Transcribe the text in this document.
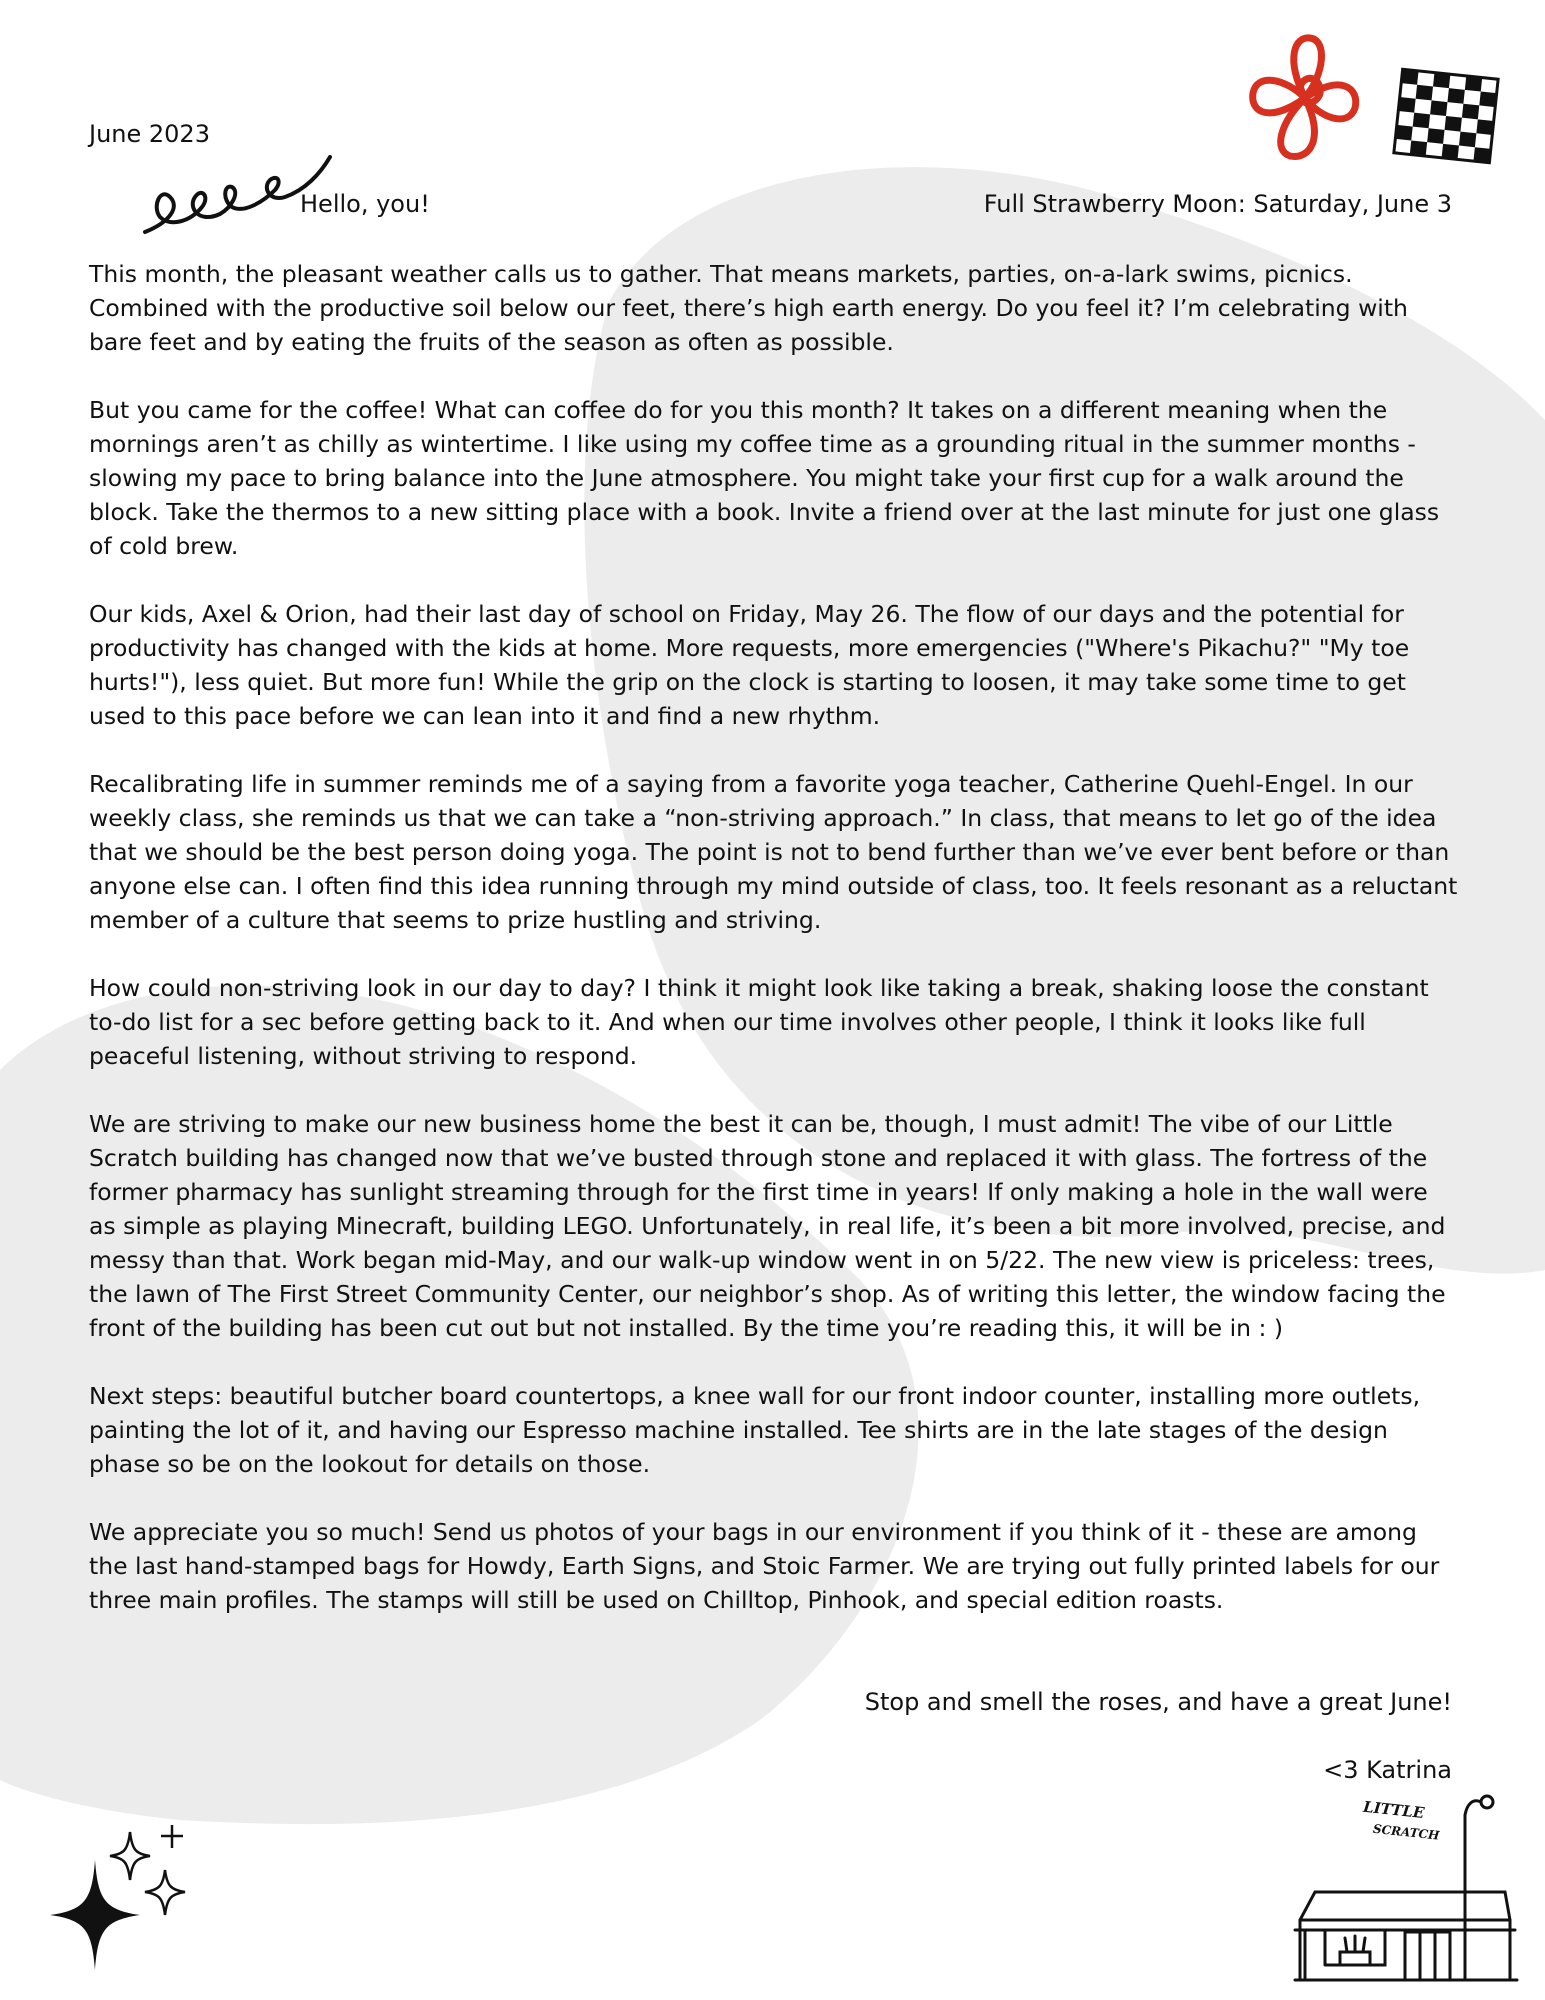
June 2023
Hello, you!	Full Strawberry Moon: Saturday, June 3

This month, the pleasant weather calls us to gather. That means markets, parties, on-a-lark swims, picnics. Combined with the productive soil below our feet, there’s high earth energy. Do you feel it? I’m celebrating with bare feet and by eating the fruits of the season as often as possible.

But you came for the coffee! What can coffee do for you this month? It takes on a different meaning when the mornings aren’t as chilly as wintertime. I like using my coffee time as a grounding ritual in the summer months - slowing my pace to bring balance into the June atmosphere. You might take your first cup for a walk around the block. Take the thermos to a new sitting place with a book. Invite a friend over at the last minute for just one glass of cold brew.

Our kids, Axel & Orion, had their last day of school on Friday, May 26. The flow of our days and the potential for productivity has changed with the kids at home. More requests, more emergencies ("Where's Pikachu?" "My toe hurts!"), less quiet. But more fun! While the grip on the clock is starting to loosen, it may take some time to get used to this pace before we can lean into it and find a new rhythm.

Recalibrating life in summer reminds me of a saying from a favorite yoga teacher, Catherine Quehl-Engel. In our weekly class, she reminds us that we can take a “non-striving approach.” In class, that means to let go of the idea that we should be the best person doing yoga. The point is not to bend further than we’ve ever bent before or than anyone else can. I often find this idea running through my mind outside of class, too. It feels resonant as a reluctant member of a culture that seems to prize hustling and striving.

How could non-striving look in our day to day? I think it might look like taking a break, shaking loose the constant to-do list for a sec before getting back to it. And when our time involves other people, I think it looks like full peaceful listening, without striving to respond.

We are striving to make our new business home the best it can be, though, I must admit! The vibe of our Little Scratch building has changed now that we’ve busted through stone and replaced it with glass. The fortress of the former pharmacy has sunlight streaming through for the first time in years! If only making a hole in the wall were as simple as playing Minecraft, building LEGO. Unfortunately, in real life, it’s been a bit more involved, precise, and messy than that. Work began mid-May, and our walk-up window went in on 5/22. The new view is priceless: trees, the lawn of The First Street Community Center, our neighbor’s shop. As of writing this letter, the window facing the front of the building has been cut out but not installed. By the time you’re reading this, it will be in : )

Next steps: beautiful butcher board countertops, a knee wall for our front indoor counter, installing more outlets, painting the lot of it, and having our Espresso machine installed. Tee shirts are in the late stages of the design phase so be on the lookout for details on those.

We appreciate you so much! Send us photos of your bags in our environment if you think of it - these are among the last hand-stamped bags for Howdy, Earth Signs, and Stoic Farmer. We are trying out fully printed labels for our three main profiles. The stamps will still be used on Chilltop, Pinhook, and special edition roasts.

Stop and smell the roses, and have a great June!
<3 Katrina
LITTLE
SCRATCH
